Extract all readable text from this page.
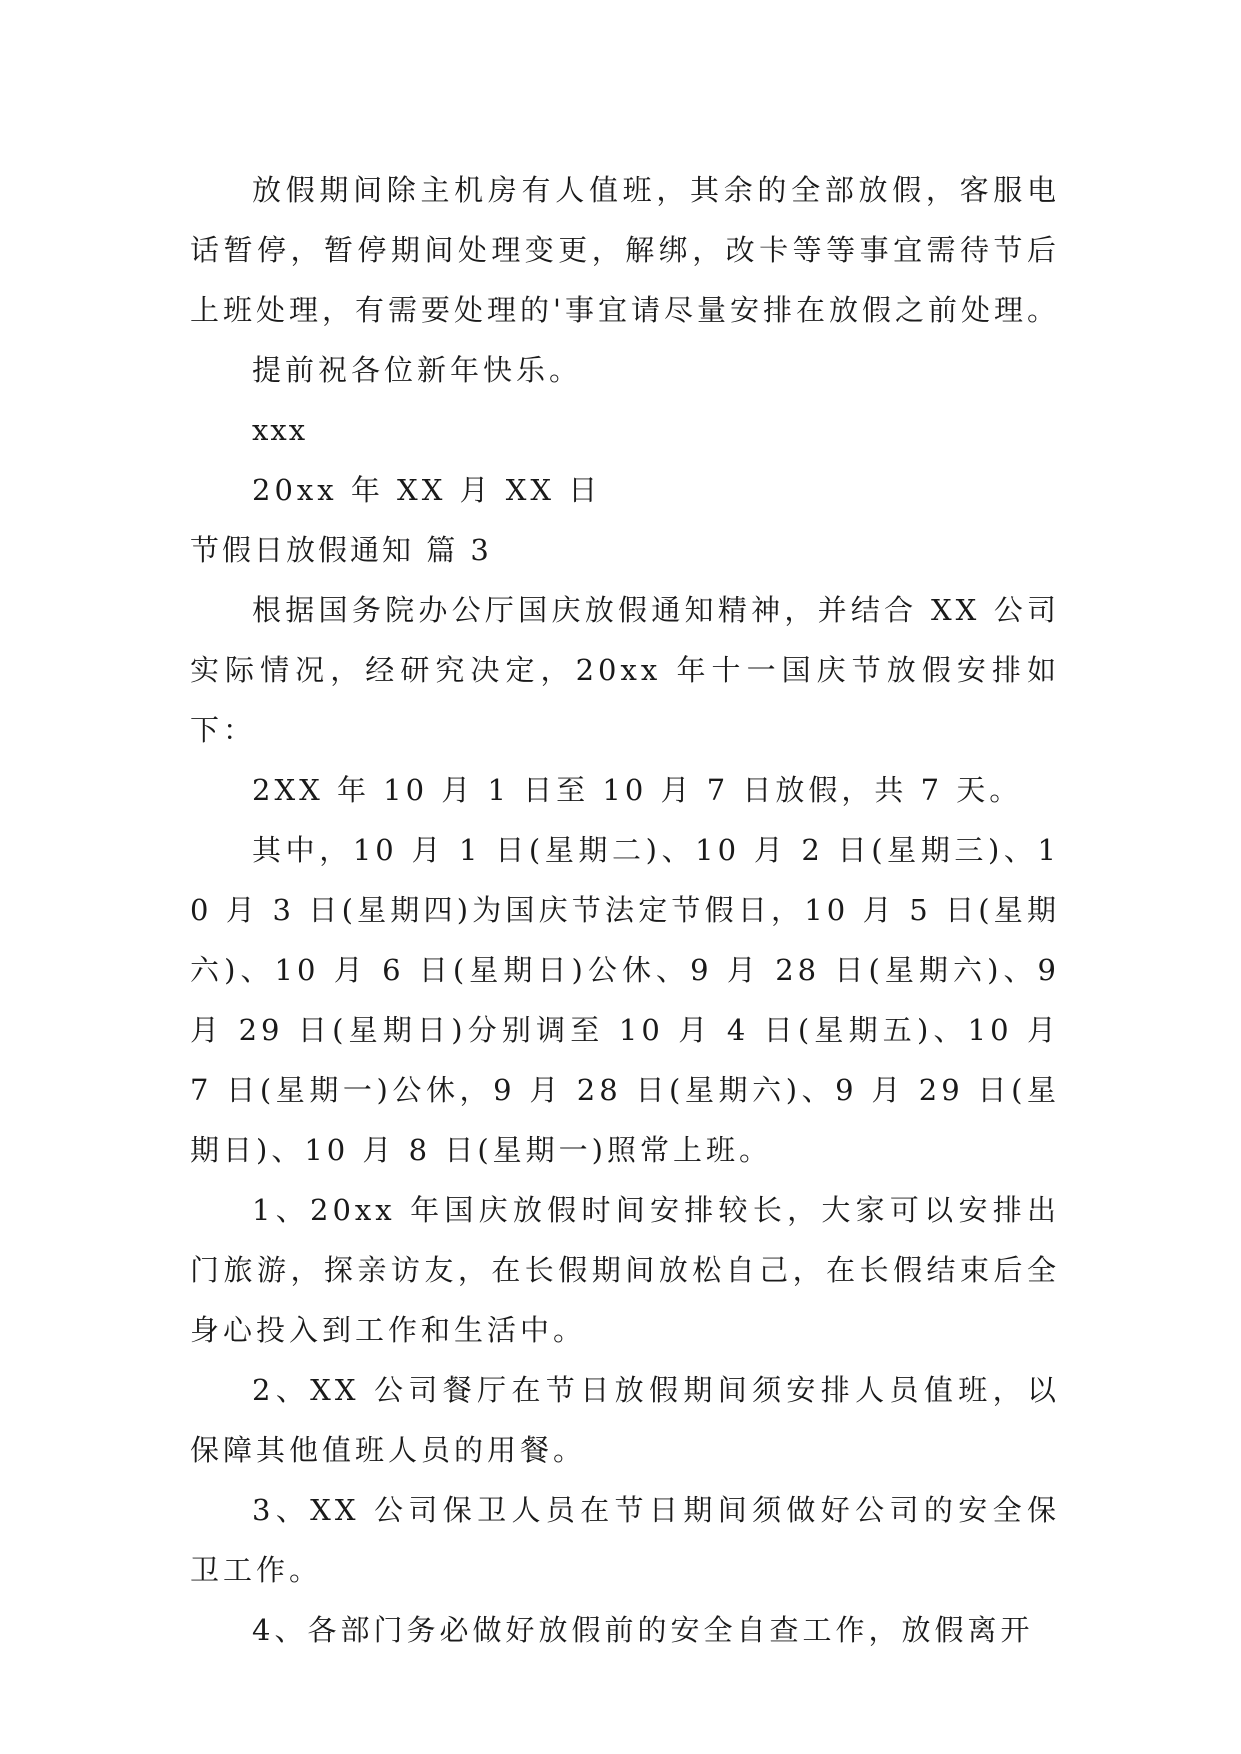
放假期间除主机房有人值班，其余的全部放假，客服电话暂停，暂停期间处理变更，解绑，改卡等等事宜需待节后上班处理，有需要处理的'事宜请尽量安排在放假之前处理。

提前祝各位新年快乐。

xxx

20xx 年 XX 月 XX 日

节假日放假通知 篇 3

根据国务院办公厅国庆放假通知精神，并结合 XX 公司实际情况，经研究决定，20xx 年十一国庆节放假安排如下：

2XX 年 10 月 1 日至 10 月 7 日放假，共 7 天。

其中，10 月 1 日(星期二)、10 月 2 日(星期三)、10 月 3 日(星期四)为国庆节法定节假日，10 月 5 日(星期六)、10 月 6 日(星期日)公休、9 月 28 日(星期六)、9 月 29 日(星期日)分别调至 10 月 4 日(星期五)、10 月 7 日(星期一)公休，9 月 28 日(星期六)、9 月 29 日(星期日)、10 月 8 日(星期一)照常上班。

1、20xx 年国庆放假时间安排较长，大家可以安排出门旅游，探亲访友，在长假期间放松自己，在长假结束后全身心投入到工作和生活中。

2、XX 公司餐厅在节日放假期间须安排人员值班，以保障其他值班人员的用餐。

3、XX 公司保卫人员在节日期间须做好公司的安全保卫工作。

4、各部门务必做好放假前的安全自查工作，放假离开
